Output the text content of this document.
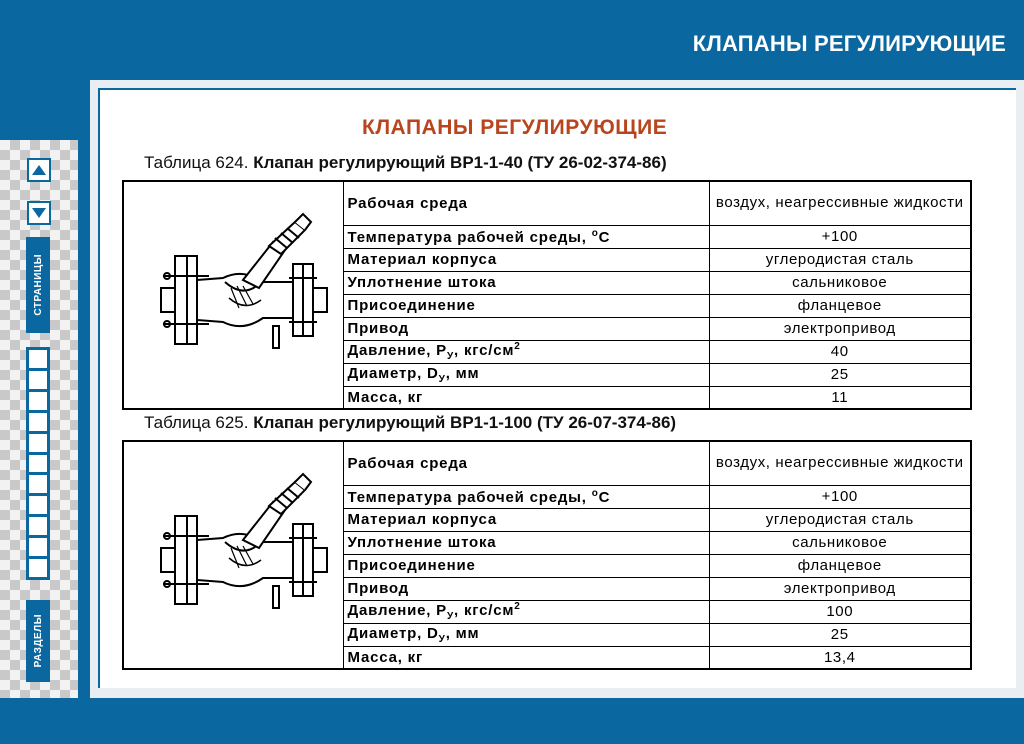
КЛАПАНЫ РЕГУЛИРУЮЩИЕ
СТРАНИЦЫ
РАЗДЕЛЫ
КЛАПАНЫ РЕГУЛИРУЮЩИЕ
Таблица 624. Клапан регулирующий ВР1-1-40 (ТУ 26-02-374-86)
	Рабочая среда	воздух, неагрессивные жидкости
	Температура рабочей среды, $^о$С	+100
	Материал корпуса	углеродистая сталь
	Уплотнение штока	сальниковое
	Присоединение	фланцевое
	Привод	электропривод
	Давление, $Р_У$, кгс/$см^2$	40
	Диаметр, $D_У$, мм	25
	Масса, кг	11
Таблица 625. Клапан регулирующий ВР1-1-100 (ТУ 26-07-374-86)
	Рабочая среда	воздух, неагрессивные жидкости
	Температура рабочей среды, $^о$С	+100
	Материал корпуса	углеродистая сталь
	Уплотнение штока	сальниковое
	Присоединение	фланцевое
	Привод	электропривод
	Давление, $Р_У$, кгс/$см^2$	100
	Диаметр, $D_У$, мм	25
	Масса, кг	13,4
